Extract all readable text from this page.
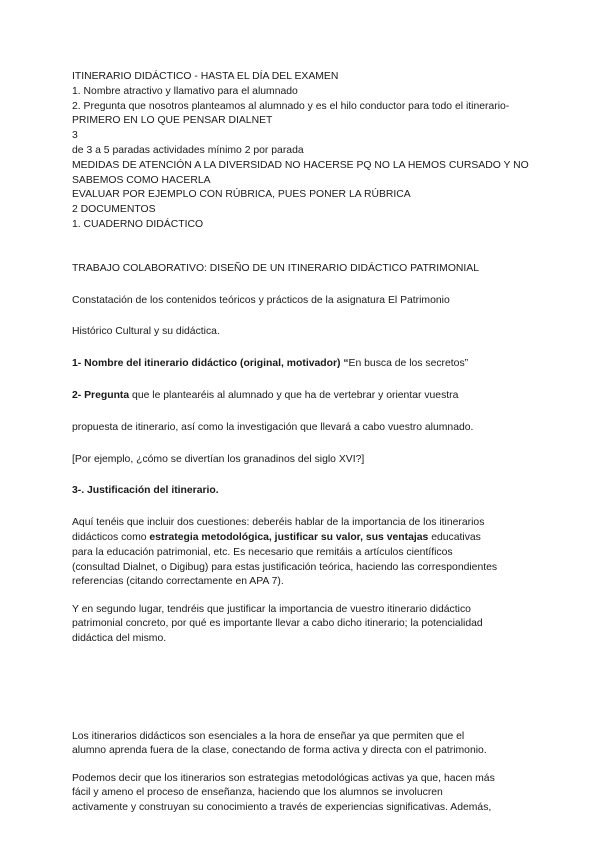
ITINERARIO DIDÁCTICO - HASTA EL DÍA DEL EXAMEN

1. Nombre atractivo y llamativo para el alumnado

2. Pregunta que nosotros planteamos al alumnado y es el hilo conductor para todo el itinerario-

PRIMERO EN LO QUE PENSAR DIALNET

3

de 3 a 5 paradas actividades mínimo 2 por parada

MEDIDAS DE ATENCIÓN A LA DIVERSIDAD NO HACERSE PQ NO LA HEMOS CURSADO Y NO SABEMOS COMO HACERLA

EVALUAR POR EJEMPLO CON RÚBRICA, PUES PONER LA RÚBRICA

2 DOCUMENTOS

1. CUADERNO DIDÁCTICO

TRABAJO COLABORATIVO: DISEÑO DE UN ITINERARIO DIDÁCTICO PATRIMONIAL

Constatación de los contenidos teóricos y prácticos de la asignatura El Patrimonio

Histórico Cultural y su didáctica.

1- Nombre del itinerario didáctico (original, motivador) “En busca de los secretos”

2- Pregunta que le plantearéis al alumnado y que ha de vertebrar y orientar vuestra

propuesta de itinerario, así como la investigación que llevará a cabo vuestro alumnado.

[Por ejemplo, ¿cómo se divertían los granadinos del siglo XVI?]

3-. Justificación del itinerario.

Aquí tenéis que incluir dos cuestiones: deberéis hablar de la importancia de los itinerarios

didácticos como estrategia metodológica, justificar su valor, sus ventajas educativas

para la educación patrimonial, etc. Es necesario que remitáis a artículos científicos

(consultad Dialnet, o Digibug) para estas justificación teórica, haciendo las correspondientes

referencias (citando correctamente en APA 7).

Y en segundo lugar, tendréis que justificar la importancia de vuestro itinerario didáctico

patrimonial concreto, por qué es importante llevar a cabo dicho itinerario; la potencialidad

didáctica del mismo.

Los itinerarios didácticos son esenciales a la hora de enseñar ya que permiten que el

alumno aprenda fuera de la clase, conectando de forma activa y directa con el patrimonio.

Podemos decir que los itinerarios son estrategias metodológicas activas ya que, hacen más

fácil y ameno el proceso de enseñanza, haciendo que los alumnos se involucren

activamente y construyan su conocimiento a través de experiencias significativas. Además,
